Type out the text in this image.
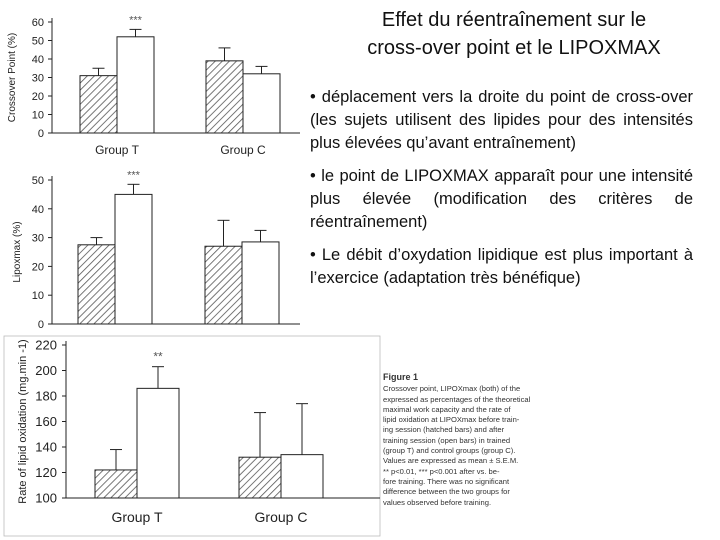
0
10
20
30
40
50
60
Crossover Point (%)
Group T	Group C
***
0
10
20
30
40
50
Lipoxmax (%)
***
100
120
140
160
180
200
220
Rate of lipid oxidation (mg.min -1)
Group T	Group C
**
Effet du réentraînement sur le
cross-over point et le LIPOXMAX

• déplacement vers la droite du point de cross-over (les sujets utilisent des lipides pour des intensités plus élevées qu’avant entraînement)

• le point de LIPOXMAX apparaît pour une intensité plus élevée (modification des critères de réentraînement)

• Le débit d’oxydation lipidique est plus important à l’exercice (adaptation très bénéfique)

Figure 1
Crossover point, LIPOXmax (both) of the
expressed as percentages of the theoretical
maximal work capacity and the rate of
lipid oxidation at LIPOXmax before train-
ing session (hatched bars) and after
training session (open bars) in trained
(group T) and control groups (group C).
Values are expressed as mean ± S.E.M.
** p<0.01, *** p<0.001 after vs. be-
fore training. There was no significant
difference between the two groups for
values observed before training.
